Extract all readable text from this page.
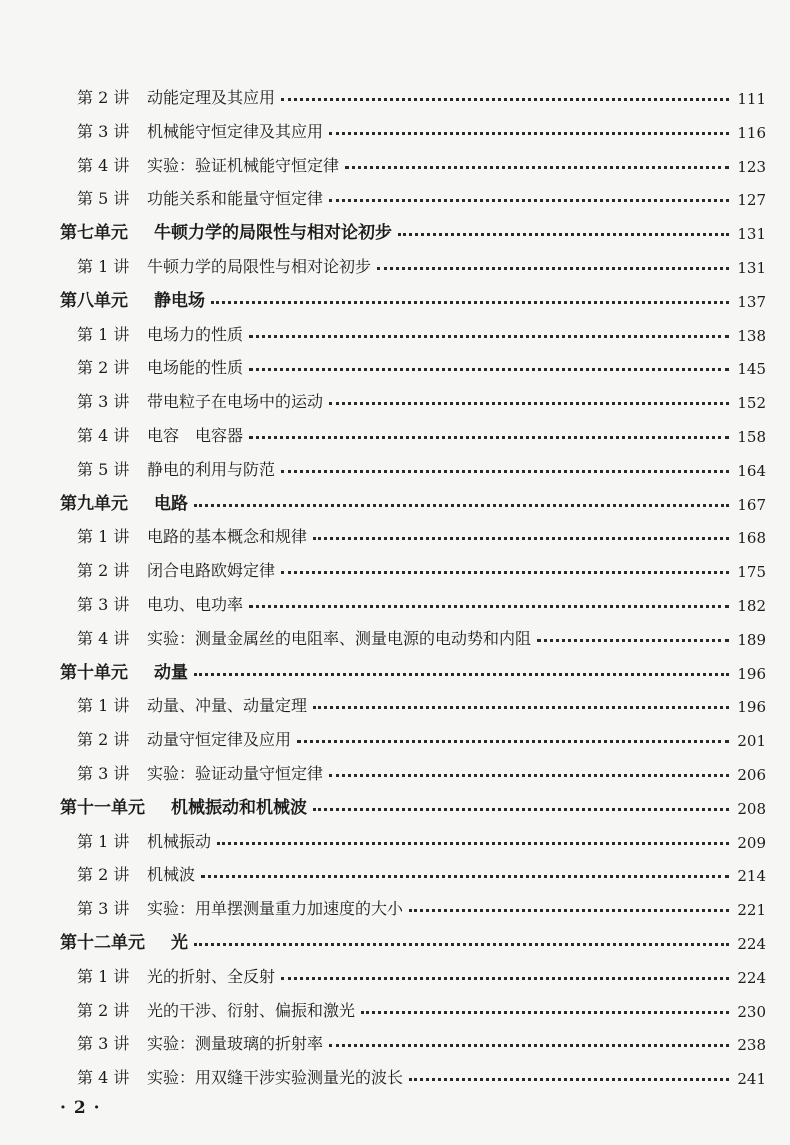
第 2 讲	动能定理及其应用	111
第 3 讲	机械能守恒定律及其应用	116
第 4 讲	实验：验证机械能守恒定律	123
第 5 讲	功能关系和能量守恒定律	127
第七单元 牛顿力学的局限性与相对论初步	131
第 1 讲	牛顿力学的局限性与相对论初步	131
第八单元 静电场	137
第 1 讲	电场力的性质	138
第 2 讲	电场能的性质	145
第 3 讲	带电粒子在电场中的运动	152
第 4 讲	电容　电容器	158
第 5 讲	静电的利用与防范	164
第九单元 电路	167
第 1 讲	电路的基本概念和规律	168
第 2 讲	闭合电路欧姆定律	175
第 3 讲	电功、电功率	182
第 4 讲	实验：测量金属丝的电阻率、测量电源的电动势和内阻	189
第十单元 动量	196
第 1 讲	动量、冲量、动量定理	196
第 2 讲	动量守恒定律及应用	201
第 3 讲	实验：验证动量守恒定律	206
第十一单元 机械振动和机械波	208
第 1 讲	机械振动	209
第 2 讲	机械波	214
第 3 讲	实验：用单摆测量重力加速度的大小	221
第十二单元 光	224
第 1 讲	光的折射、全反射	224
第 2 讲	光的干涉、衍射、偏振和激光	230
第 3 讲	实验：测量玻璃的折射率	238
第 4 讲	实验：用双缝干涉实验测量光的波长	241
· 2 ·
